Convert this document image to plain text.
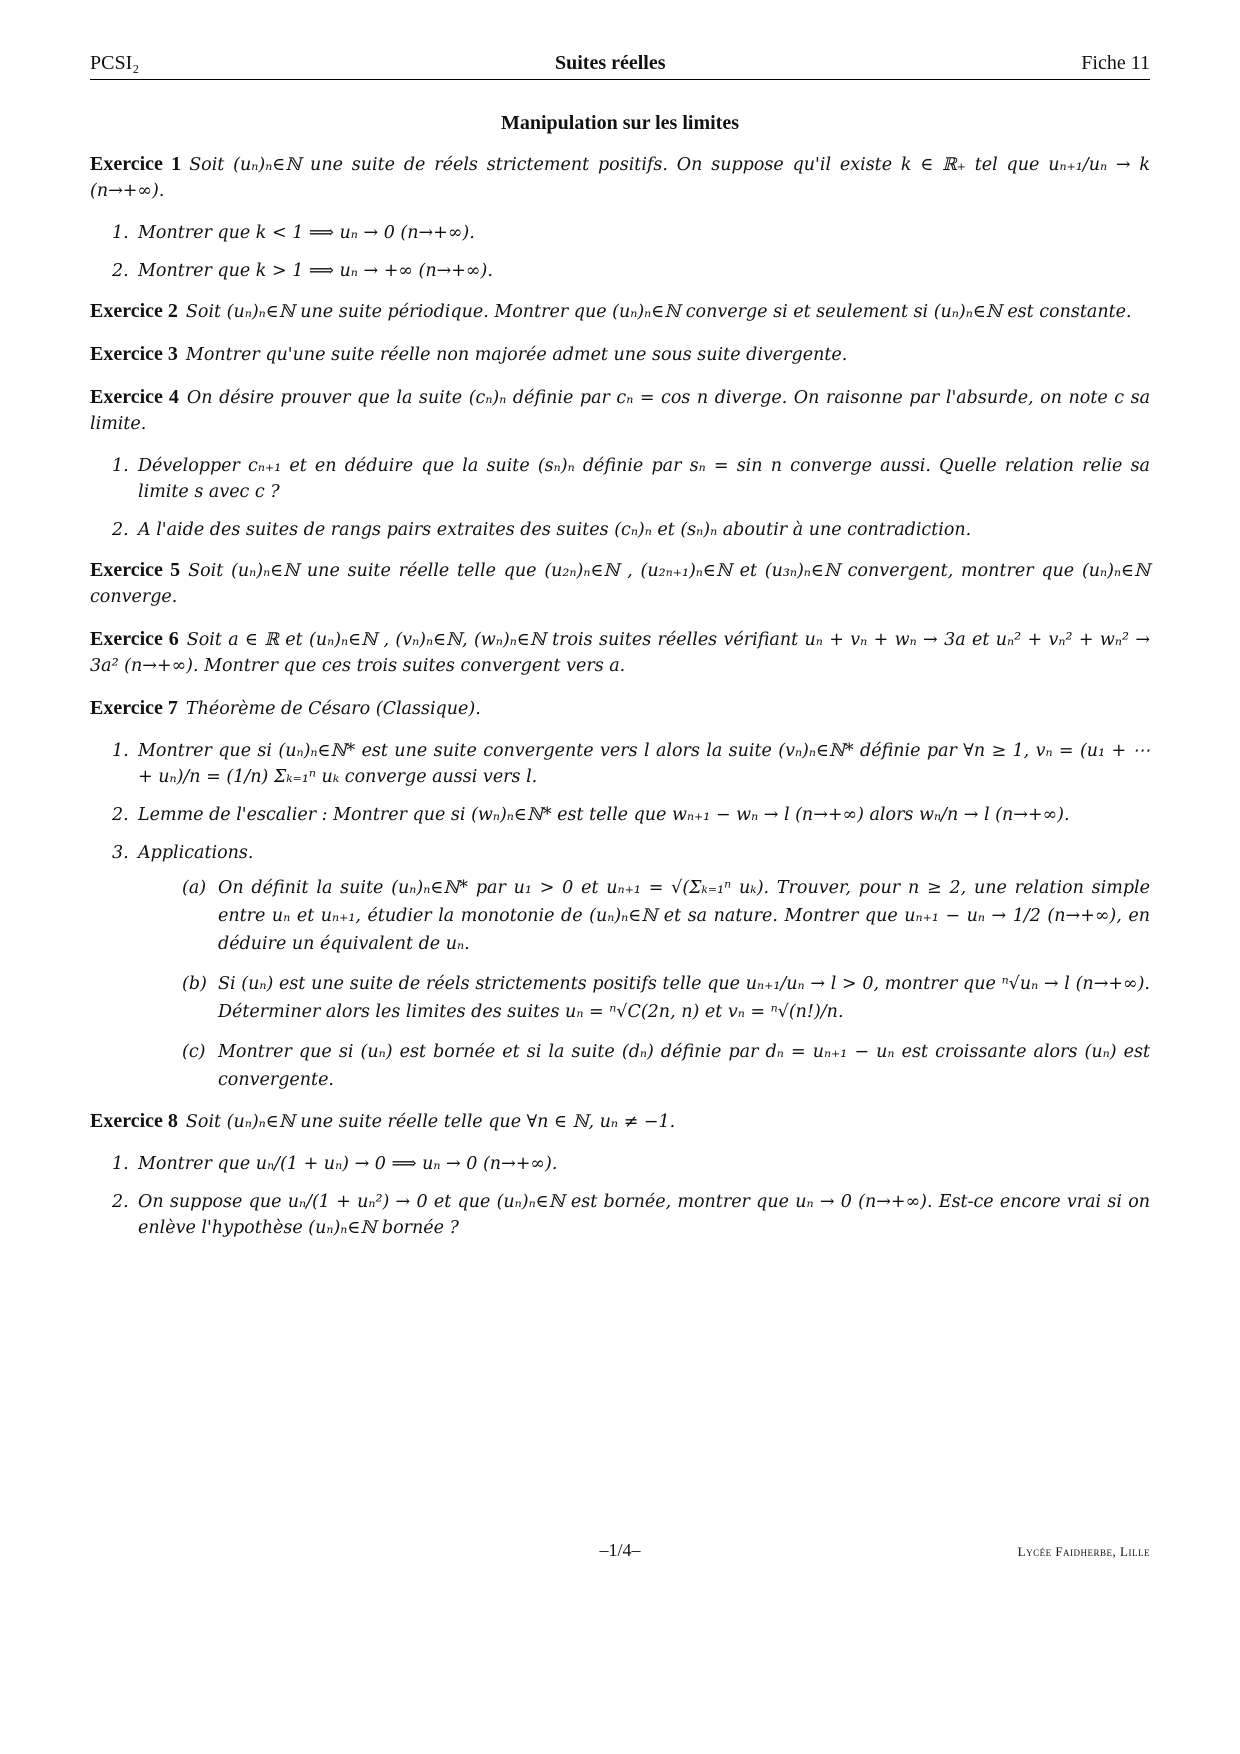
PCSI₂	Suites réelles	Fiche 11
Manipulation sur les limites
Exercice 1 Soit (uₙ)ₙ∈ℕ une suite de réels strictement positifs. On suppose qu'il existe k ∈ ℝ₊ tel que uₙ₊₁/uₙ → k (n→+∞).
1. Montrer que k < 1 ⟹ uₙ → 0 (n→+∞).
2. Montrer que k > 1 ⟹ uₙ → +∞ (n→+∞).
Exercice 2 Soit (uₙ)ₙ∈ℕ une suite périodique. Montrer que (uₙ)ₙ∈ℕ converge si et seulement si (uₙ)ₙ∈ℕ est constante.
Exercice 3 Montrer qu'une suite réelle non majorée admet une sous suite divergente.
Exercice 4 On désire prouver que la suite (cₙ)ₙ définie par cₙ = cos n diverge. On raisonne par l'absurde, on note c sa limite.
1. Développer cₙ₊₁ et en déduire que la suite (sₙ)ₙ définie par sₙ = sin n converge aussi. Quelle relation relie sa limite s avec c ?
2. A l'aide des suites de rangs pairs extraites des suites (cₙ)ₙ et (sₙ)ₙ aboutir à une contradiction.
Exercice 5 Soit (uₙ)ₙ∈ℕ une suite réelle telle que (u₂ₙ)ₙ∈ℕ , (u₂ₙ₊₁)ₙ∈ℕ et (u₃ₙ)ₙ∈ℕ convergent, montrer que (uₙ)ₙ∈ℕ converge.
Exercice 6 Soit a ∈ ℝ et (uₙ)ₙ∈ℕ , (vₙ)ₙ∈ℕ, (wₙ)ₙ∈ℕ trois suites réelles vérifiant uₙ + vₙ + wₙ → 3a et uₙ² + vₙ² + wₙ² → 3a² (n→+∞). Montrer que ces trois suites convergent vers a.
Exercice 7 Théorème de Césaro (Classique).
1. Montrer que si (uₙ)ₙ∈ℕ* est une suite convergente vers l alors la suite (vₙ)ₙ∈ℕ* définie par ∀n ≥ 1, vₙ = (u₁ + ⋯ + uₙ)/n = (1/n) Σₖ₌₁ⁿ uₖ converge aussi vers l.
2. Lemme de l'escalier : Montrer que si (wₙ)ₙ∈ℕ* est telle que wₙ₊₁ − wₙ → l (n→+∞) alors wₙ/n → l (n→+∞).
3. Applications.
(a) On définit la suite (uₙ)ₙ∈ℕ* par u₁ > 0 et uₙ₊₁ = √(Σₖ₌₁ⁿ uₖ). Trouver, pour n ≥ 2, une relation simple entre uₙ et uₙ₊₁, étudier la monotonie de (uₙ)ₙ∈ℕ et sa nature. Montrer que uₙ₊₁ − uₙ → 1/2 (n→+∞), en déduire un équivalent de uₙ.
(b) Si (uₙ) est une suite de réels strictements positifs telle que uₙ₊₁/uₙ → l > 0, montrer que ⁿ√uₙ → l (n→+∞). Déterminer alors les limites des suites uₙ = ⁿ√C(2n, n) et vₙ = ⁿ√(n!)/n.
(c) Montrer que si (uₙ) est bornée et si la suite (dₙ) définie par dₙ = uₙ₊₁ − uₙ est croissante alors (uₙ) est convergente.
Exercice 8 Soit (uₙ)ₙ∈ℕ une suite réelle telle que ∀n ∈ ℕ, uₙ ≠ −1.
1. Montrer que uₙ/(1 + uₙ) → 0 ⟹ uₙ → 0 (n→+∞).
2. On suppose que uₙ/(1 + uₙ²) → 0 et que (uₙ)ₙ∈ℕ est bornée, montrer que uₙ → 0 (n→+∞). Est-ce encore vrai si on enlève l'hypothèse (uₙ)ₙ∈ℕ bornée ?
–1/4–	Lycée Faidherbe, Lille
